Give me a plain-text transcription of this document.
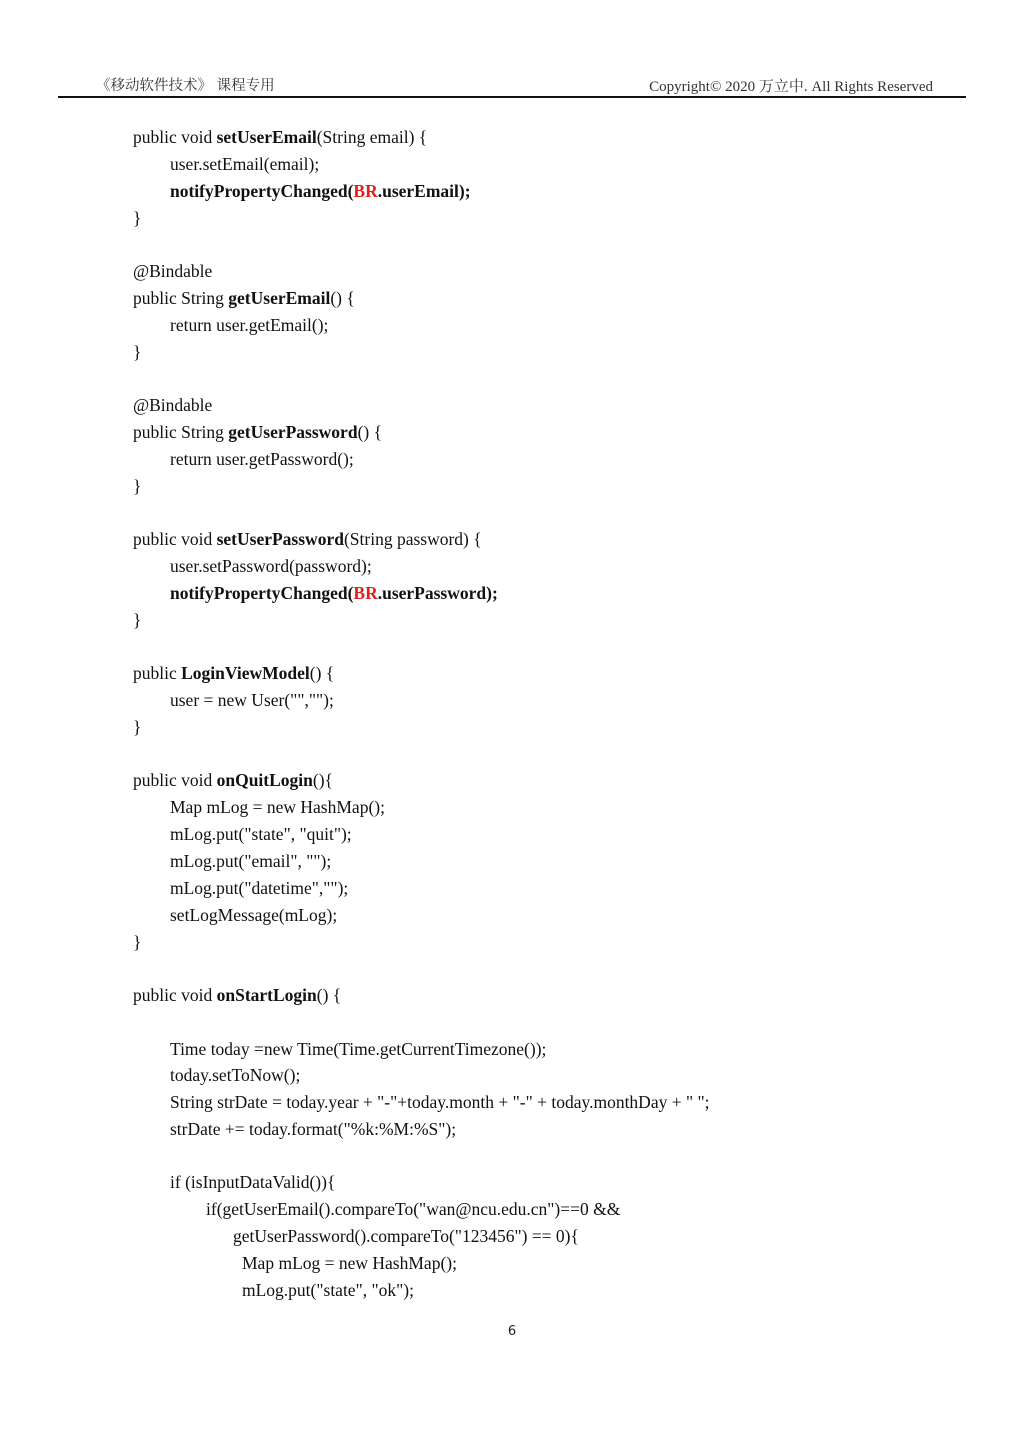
《移动软件技术》 课程专用	Copyright© 2020 万立中. All Rights Reserved
public void setUserEmail(String email) {
user.setEmail(email);
notifyPropertyChanged(BR.userEmail);
}
@Bindable
public String getUserEmail() {
return user.getEmail();
}
@Bindable
public String getUserPassword() {
return user.getPassword();
}
public void setUserPassword(String password) {
user.setPassword(password);
notifyPropertyChanged(BR.userPassword);
}
public LoginViewModel() {
user = new User("","");
}
public void onQuitLogin(){
Map mLog = new HashMap();
mLog.put("state", "quit");
mLog.put("email", "");
mLog.put("datetime","");
setLogMessage(mLog);
}
public void onStartLogin() {
Time today =new Time(Time.getCurrentTimezone());
today.setToNow();
String strDate = today.year + "-"+today.month + "-" + today.monthDay + " ";
strDate += today.format("%k:%M:%S");
if (isInputDataValid()){
if(getUserEmail().compareTo("wan@ncu.edu.cn")==0 &&
getUserPassword().compareTo("123456") == 0){
Map mLog = new HashMap();
mLog.put("state", "ok");
6
